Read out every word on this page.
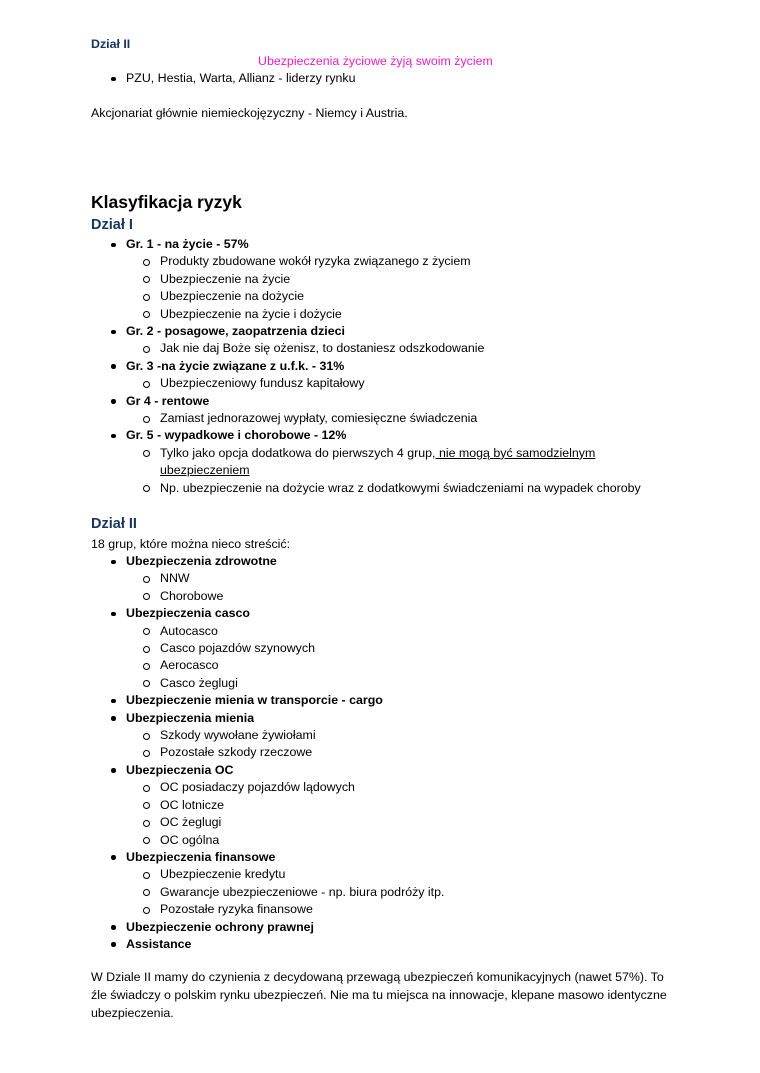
Dział II
Ubezpieczenia życiowe żyją swoim życiem
PZU, Hestia, Warta, Allianz - liderzy rynku
Akcjonariat głównie niemieckojęzyczny - Niemcy i Austria.
Klasyfikacja ryzyk
Dział I
Gr. 1 - na życie - 57%
Produkty zbudowane wokół ryzyka związanego z życiem
Ubezpieczenie na życie
Ubezpieczenie na dożycie
Ubezpieczenie na życie i dożycie
Gr. 2 - posagowe, zaopatrzenia dzieci
Jak nie daj Boże się ożenisz, to dostaniesz odszkodowanie
Gr. 3 -na życie związane z u.f.k. - 31%
Ubezpieczeniowy fundusz kapitałowy
Gr 4 - rentowe
Zamiast jednorazowej wypłaty, comiesięczne świadczenia
Gr. 5 - wypadkowe i chorobowe - 12%
Tylko jako opcja dodatkowa do pierwszych 4 grup, nie mogą być samodzielnym ubezpieczeniem
Np. ubezpieczenie na dożycie wraz z dodatkowymi świadczeniami na wypadek choroby
Dział II
18 grup, które można nieco streścić:
Ubezpieczenia zdrowotne
NNW
Chorobowe
Ubezpieczenia casco
Autocasco
Casco pojazdów szynowych
Aerocasco
Casco żeglugi
Ubezpieczenie mienia w transporcie - cargo
Ubezpieczenia mienia
Szkody wywołane żywiołami
Pozostałe szkody rzeczowe
Ubezpieczenia OC
OC posiadaczy pojazdów lądowych
OC lotnicze
OC żeglugi
OC ogólna
Ubezpieczenia finansowe
Ubezpieczenie kredytu
Gwarancje ubezpieczeniowe - np. biura podróży itp.
Pozostałe ryzyka finansowe
Ubezpieczenie ochrony prawnej
Assistance
W Dziale II mamy do czynienia z decydowaną przewagą ubezpieczeń komunikacyjnych (nawet 57%). To źle świadczy o polskim rynku ubezpieczeń. Nie ma tu miejsca na innowacje, klepane masowo identyczne ubezpieczenia.
